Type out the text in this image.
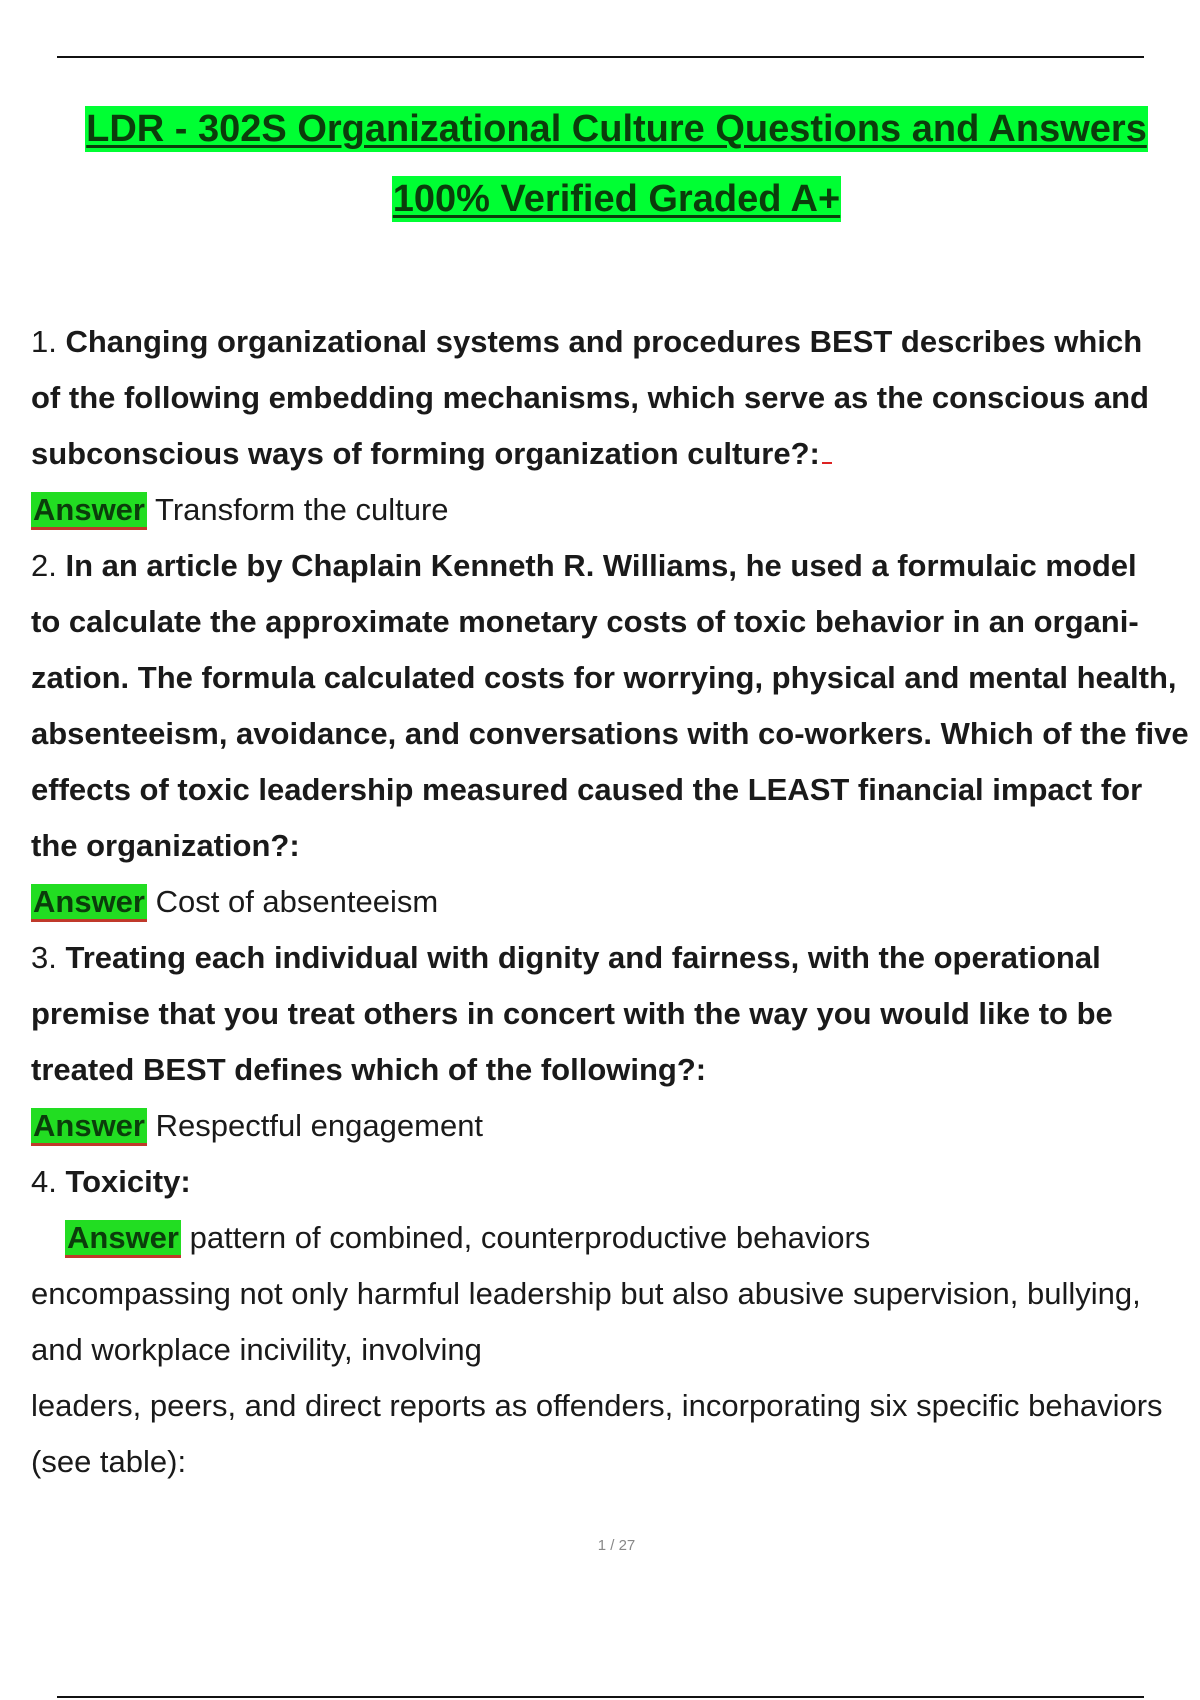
LDR - 302S Organizational Culture Questions and Answers
100% Verified Graded A+
1. Changing organizational systems and procedures BEST describes which
of the following embedding mechanisms, which serve as the conscious and
subconscious ways of forming organization culture?:
Answer Transform the culture
2. In an article by Chaplain Kenneth R. Williams, he used a formulaic model
to calculate the approximate monetary costs of toxic behavior in an organi-
zation. The formula calculated costs for worrying, physical and mental health,
absenteeism, avoidance, and conversations with co-workers. Which of the five
effects of toxic leadership measured caused the LEAST financial impact for
the organization?:
Answer Cost of absenteeism
3. Treating each individual with dignity and fairness, with the operational
premise that you treat others in concert with the way you would like to be
treated BEST defines which of the following?:
Answer Respectful engagement
4. Toxicity:
Answer pattern of combined, counterproductive behaviors
encompassing not only harmful leadership but also abusive supervision, bullying,
and workplace incivility, involving
leaders, peers, and direct reports as offenders, incorporating six specific behaviors
(see table):
1 / 27
